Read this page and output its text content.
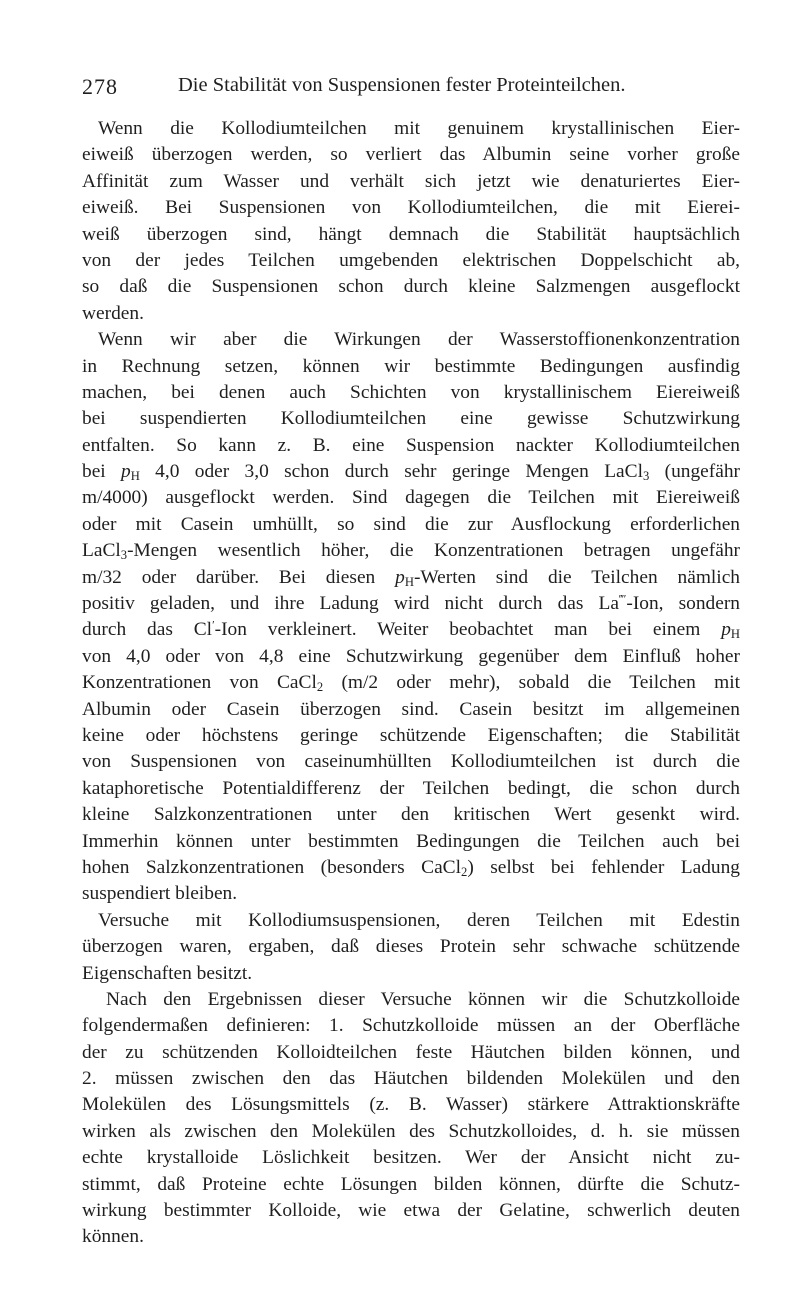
278	Die Stabilität von Suspensionen fester Proteinteilchen.
Wenn die Kollodiumteilchen mit genuinem krystallinischen Eier-
eiweiß überzogen werden, so verliert das Albumin seine vorher große
Affinität zum Wasser und verhält sich jetzt wie denaturiertes Eier-
eiweiß. Bei Suspensionen von Kollodiumteilchen, die mit Eierei-
weiß überzogen sind, hängt demnach die Stabilität hauptsächlich
von der jedes Teilchen umgebenden elektrischen Doppelschicht ab,
so daß die Suspensionen schon durch kleine Salzmengen ausgeflockt
werden.
Wenn wir aber die Wirkungen der Wasserstoffionenkonzentration
in Rechnung setzen, können wir bestimmte Bedingungen ausfindig
machen, bei denen auch Schichten von krystallinischem Eiereiweiß
bei suspendierten Kollodiumteilchen eine gewisse Schutzwirkung
entfalten. So kann z. B. eine Suspension nackter Kollodiumteilchen
bei $p_H$ 4,0 oder 3,0 schon durch sehr geringe Mengen LaCl$_3$ (ungefähr
m/4000) ausgeflockt werden. Sind dagegen die Teilchen mit Eiereiweiß
oder mit Casein umhüllt, so sind die zur Ausflockung erforderlichen
LaCl$_3$-Mengen wesentlich höher, die Konzentrationen betragen ungefähr
m/32 oder darüber. Bei diesen $p_H$-Werten sind die Teilchen nämlich
positiv geladen, und ihre Ladung wird nicht durch das La‴′-Ion, sondern
durch das Cl′-Ion verkleinert. Weiter beobachtet man bei einem $p_H$
von 4,0 oder von 4,8 eine Schutzwirkung gegenüber dem Einfluß hoher
Konzentrationen von CaCl$_2$ (m/2 oder mehr), sobald die Teilchen mit
Albumin oder Casein überzogen sind. Casein besitzt im allgemeinen
keine oder höchstens geringe schützende Eigenschaften; die Stabilität
von Suspensionen von caseinumhüllten Kollodiumteilchen ist durch die
kataphoretische Potentialdifferenz der Teilchen bedingt, die schon durch
kleine Salzkonzentrationen unter den kritischen Wert gesenkt wird.
Immerhin können unter bestimmten Bedingungen die Teilchen auch bei
hohen Salzkonzentrationen (besonders CaCl$_2$) selbst bei fehlender Ladung
suspendiert bleiben.
Versuche mit Kollodiumsuspensionen, deren Teilchen mit Edestin
überzogen waren, ergaben, daß dieses Protein sehr schwache schützende
Eigenschaften besitzt.
Nach den Ergebnissen dieser Versuche können wir die Schutzkolloide
folgendermaßen definieren: 1. Schutzkolloide müssen an der Oberfläche
der zu schützenden Kolloidteilchen feste Häutchen bilden können, und
2. müssen zwischen den das Häutchen bildenden Molekülen und den
Molekülen des Lösungsmittels (z. B. Wasser) stärkere Attraktionskräfte
wirken als zwischen den Molekülen des Schutzkolloides, d. h. sie müssen
echte krystalloide Löslichkeit besitzen. Wer der Ansicht nicht zu-
stimmt, daß Proteine echte Lösungen bilden können, dürfte die Schutz-
wirkung bestimmter Kolloide, wie etwa der Gelatine, schwerlich deuten
können.
